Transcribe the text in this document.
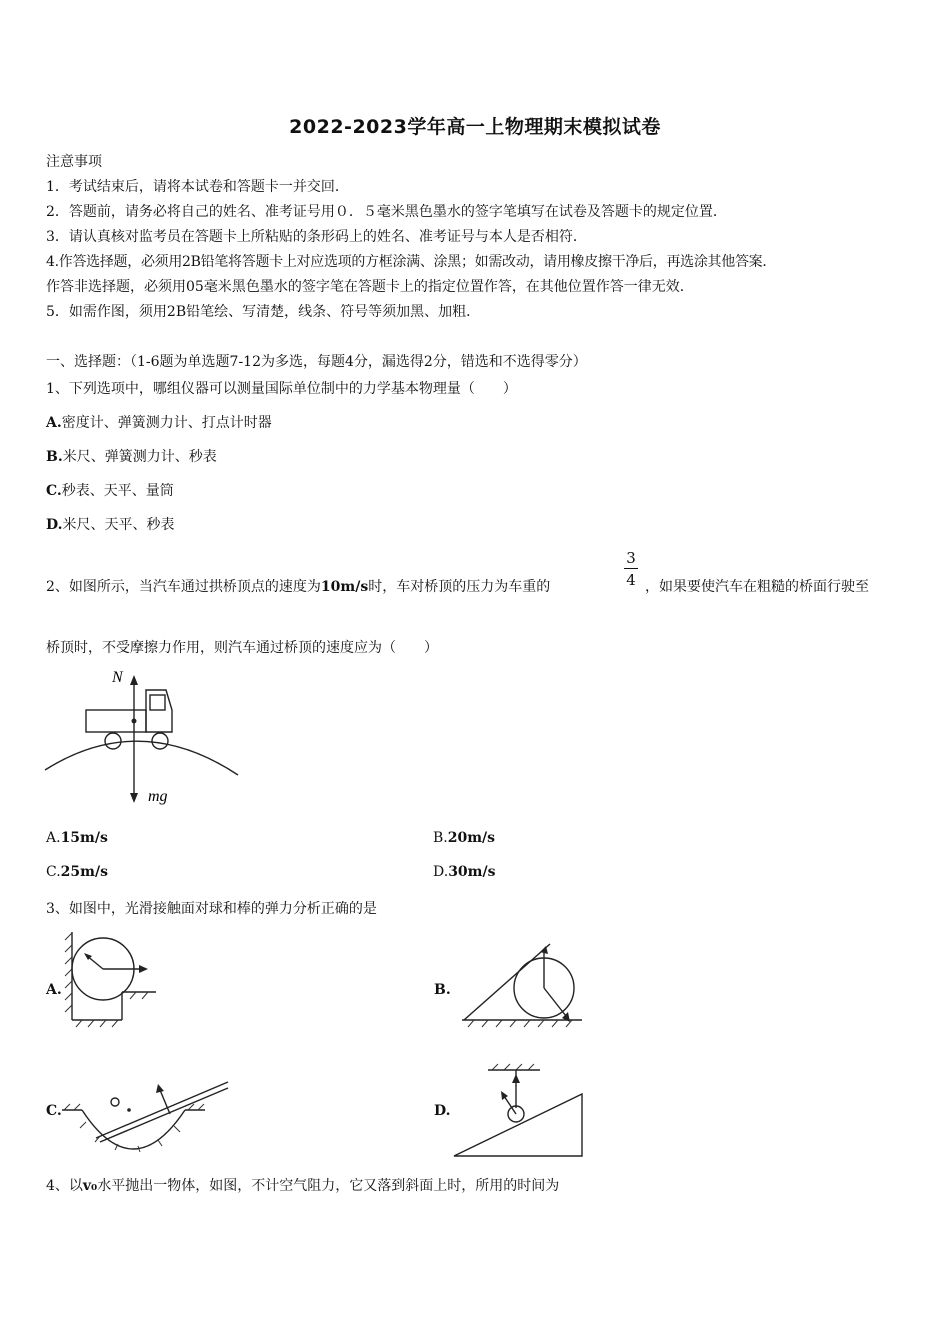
2022-2023学年高一上物理期末模拟试卷
注意事项
1．考试结束后，请将本试卷和答题卡一并交回．
2．答题前，请务必将自己的姓名、准考证号用０．５毫米黑色墨水的签字笔填写在试卷及答题卡的规定位置．
3．请认真核对监考员在答题卡上所粘贴的条形码上的姓名、准考证号与本人是否相符．
4.作答选择题，必须用2B铅笔将答题卡上对应选项的方框涂满、涂黑；如需改动，请用橡皮擦干净后，再选涂其他答案．
作答非选择题，必须用05毫米黑色墨水的签字笔在答题卡上的指定位置作答，在其他位置作答一律无效．
5．如需作图，须用2B铅笔绘、写清楚，线条、符号等须加黑、加粗．
一、选择题：（1-6题为单选题7-12为多选，每题4分，漏选得2分，错选和不选得零分）
1、下列选项中，哪组仪器可以测量国际单位制中的力学基本物理量（　　）
A.密度计、弹簧测力计、打点计时器
B.米尺、弹簧测力计、秒表
C.秒表、天平、量筒
D.米尺、天平、秒表
2、如图所示，当汽车通过拱桥顶点的速度为10m/s时，车对桥顶的压力为车重的
3
4 ，如果要使汽车在粗糙的桥面行驶至
桥顶时，不受摩擦力作用，则汽车通过桥顶的速度应为（　　）
N
mg
A.15m/s	B.20m/s
C.25m/s	D.30m/s
3、如图中，光滑接触面对球和棒的弹力分析正确的是
A.	B.
C.	D.
4、以v₀水平抛出一物体，如图，不计空气阻力，它又落到斜面上时，所用的时间为
